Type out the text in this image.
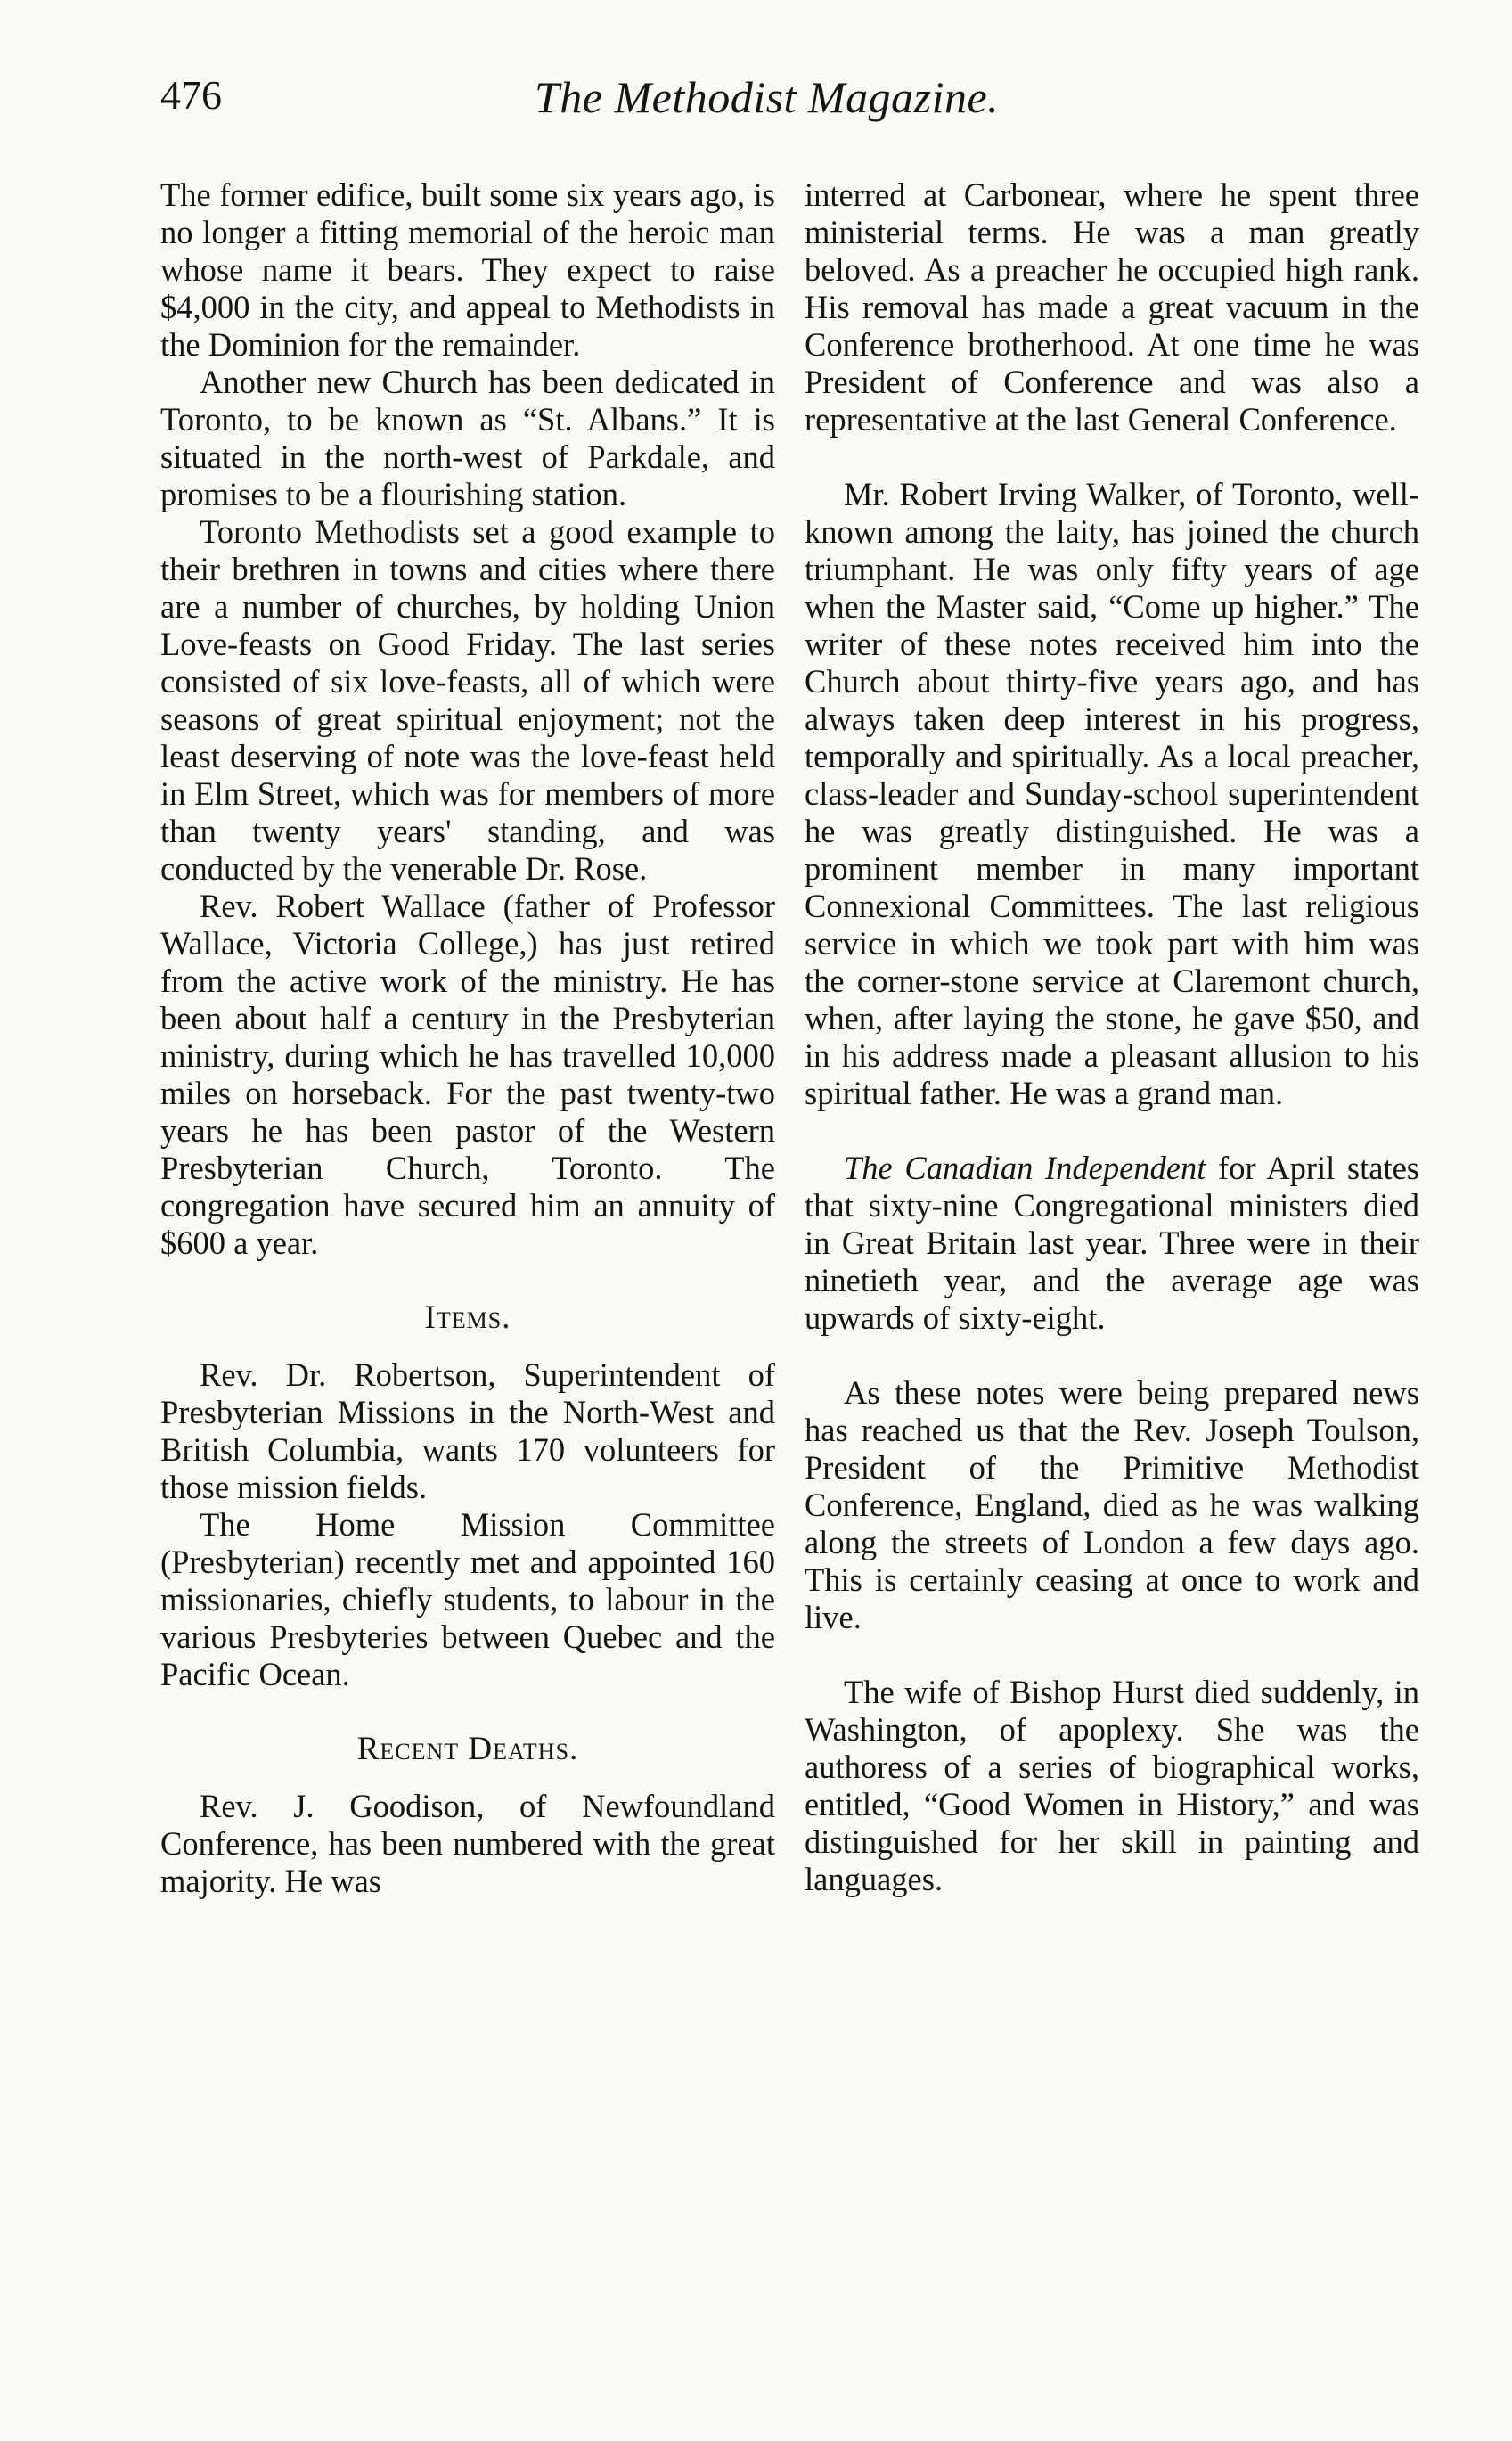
476	The Methodist Magazine.

The former edifice, built some six years ago, is no longer a fitting memorial of the heroic man whose name it bears. They expect to raise $4,000 in the city, and appeal to Methodists in the Dominion for the remainder.

Another new Church has been dedicated in Toronto, to be known as “St. Albans.” It is situated in the north-west of Parkdale, and promises to be a flourishing station.

Toronto Methodists set a good example to their brethren in towns and cities where there are a number of churches, by holding Union Love-feasts on Good Friday. The last series consisted of six love-feasts, all of which were seasons of great spiritual enjoyment; not the least deserving of note was the love-feast held in Elm Street, which was for members of more than twenty years' standing, and was conducted by the venerable Dr. Rose.

Rev. Robert Wallace (father of Professor Wallace, Victoria College,) has just retired from the active work of the ministry. He has been about half a century in the Presbyterian ministry, during which he has travelled 10,000 miles on horseback. For the past twenty-two years he has been pastor of the Western Presbyterian Church, Toronto. The congregation have secured him an annuity of $600 a year.

Items.

Rev. Dr. Robertson, Superintendent of Presbyterian Missions in the North-West and British Columbia, wants 170 volunteers for those mission fields.

The Home Mission Committee (Presbyterian) recently met and appointed 160 missionaries, chiefly students, to labour in the various Presbyteries between Quebec and the Pacific Ocean.

Recent Deaths.

Rev. J. Goodison, of Newfoundland Conference, has been numbered with the great majority. He was

interred at Carbonear, where he spent three ministerial terms. He was a man greatly beloved. As a preacher he occupied high rank. His removal has made a great vacuum in the Conference brotherhood. At one time he was President of Conference and was also a representative at the last General Conference.

Mr. Robert Irving Walker, of Toronto, well-known among the laity, has joined the church triumphant. He was only fifty years of age when the Master said, “Come up higher.” The writer of these notes received him into the Church about thirty-five years ago, and has always taken deep interest in his progress, temporally and spiritually. As a local preacher, class-leader and Sunday-school superintendent he was greatly distinguished. He was a prominent member in many important Connexional Committees. The last religious service in which we took part with him was the corner-stone service at Claremont church, when, after laying the stone, he gave $50, and in his address made a pleasant allusion to his spiritual father. He was a grand man.

The Canadian Independent for April states that sixty-nine Congregational ministers died in Great Britain last year. Three were in their ninetieth year, and the average age was upwards of sixty-eight.

As these notes were being prepared news has reached us that the Rev. Joseph Toulson, President of the Primitive Methodist Conference, England, died as he was walking along the streets of London a few days ago. This is certainly ceasing at once to work and live.

The wife of Bishop Hurst died suddenly, in Washington, of apoplexy. She was the authoress of a series of biographical works, entitled, “Good Women in History,” and was distinguished for her skill in painting and languages.
